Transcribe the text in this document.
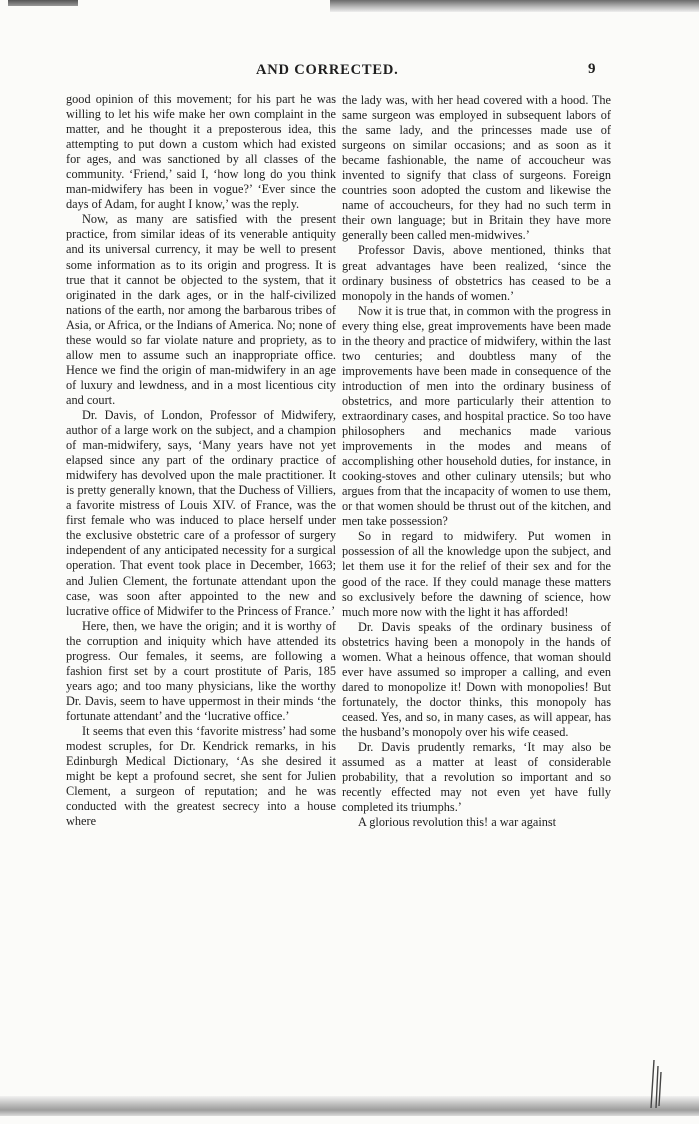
AND CORRECTED.	9

good opinion of this movement; for his part he was willing to let his wife make her own complaint in the matter, and he thought it a preposterous idea, this attempting to put down a custom which had existed for ages, and was sanctioned by all classes of the community. ‘Friend,’ said I, ‘how long do you think man-midwifery has been in vogue?’ ‘Ever since the days of Adam, for aught I know,’ was the reply.

Now, as many are satisfied with the present practice, from similar ideas of its venerable antiquity and its universal currency, it may be well to present some information as to its origin and progress. It is true that it cannot be objected to the system, that it originated in the dark ages, or in the half-civilized nations of the earth, nor among the barbarous tribes of Asia, or Africa, or the Indians of America. No; none of these would so far violate nature and propriety, as to allow men to assume such an inappropriate office. Hence we find the origin of man-midwifery in an age of luxury and lewdness, and in a most licentious city and court.

Dr. Davis, of London, Professor of Midwifery, author of a large work on the subject, and a champion of man-midwifery, says, ‘Many years have not yet elapsed since any part of the ordinary practice of midwifery has devolved upon the male practitioner. It is pretty generally known, that the Duchess of Villiers, a favorite mistress of Louis XIV. of France, was the first female who was induced to place herself under the exclusive obstetric care of a professor of surgery independent of any anticipated necessity for a surgical operation. That event took place in December, 1663; and Julien Clement, the fortunate attendant upon the case, was soon after appointed to the new and lucrative office of Midwifer to the Princess of France.’

Here, then, we have the origin; and it is worthy of the corruption and iniquity which have attended its progress. Our females, it seems, are following a fashion first set by a court prostitute of Paris, 185 years ago; and too many physicians, like the worthy Dr. Davis, seem to have uppermost in their minds ‘the fortunate attendant’ and the ‘lucrative office.’

It seems that even this ‘favorite mistress’ had some modest scruples, for Dr. Kendrick remarks, in his Edinburgh Medical Dictionary, ‘As she desired it might be kept a profound secret, she sent for Julien Clement, a surgeon of reputation; and he was conducted with the greatest secrecy into a house where

the lady was, with her head covered with a hood. The same surgeon was employed in subsequent labors of the same lady, and the princesses made use of surgeons on similar occasions; and as soon as it became fashionable, the name of accoucheur was invented to signify that class of surgeons. Foreign countries soon adopted the custom and likewise the name of accoucheurs, for they had no such term in their own language; but in Britain they have more generally been called men-midwives.’

Professor Davis, above mentioned, thinks that great advantages have been realized, ‘since the ordinary business of obstetrics has ceased to be a monopoly in the hands of women.’

Now it is true that, in common with the progress in every thing else, great improvements have been made in the theory and practice of midwifery, within the last two centuries; and doubtless many of the improvements have been made in consequence of the introduction of men into the ordinary business of obstetrics, and more particularly their attention to extraordinary cases, and hospital practice. So too have philosophers and mechanics made various improvements in the modes and means of accomplishing other household duties, for instance, in cooking-stoves and other culinary utensils; but who argues from that the incapacity of women to use them, or that women should be thrust out of the kitchen, and men take possession?

So in regard to midwifery. Put women in possession of all the knowledge upon the subject, and let them use it for the relief of their sex and for the good of the race. If they could manage these matters so exclusively before the dawning of science, how much more now with the light it has afforded!

Dr. Davis speaks of the ordinary business of obstetrics having been a monopoly in the hands of women. What a heinous offence, that woman should ever have assumed so improper a calling, and even dared to monopolize it! Down with monopolies! But fortunately, the doctor thinks, this monopoly has ceased. Yes, and so, in many cases, as will appear, has the husband’s monopoly over his wife ceased.

Dr. Davis prudently remarks, ‘It may also be assumed as a matter at least of considerable probability, that a revolution so important and so recently effected may not even yet have fully completed its triumphs.’

A glorious revolution this! a war against
